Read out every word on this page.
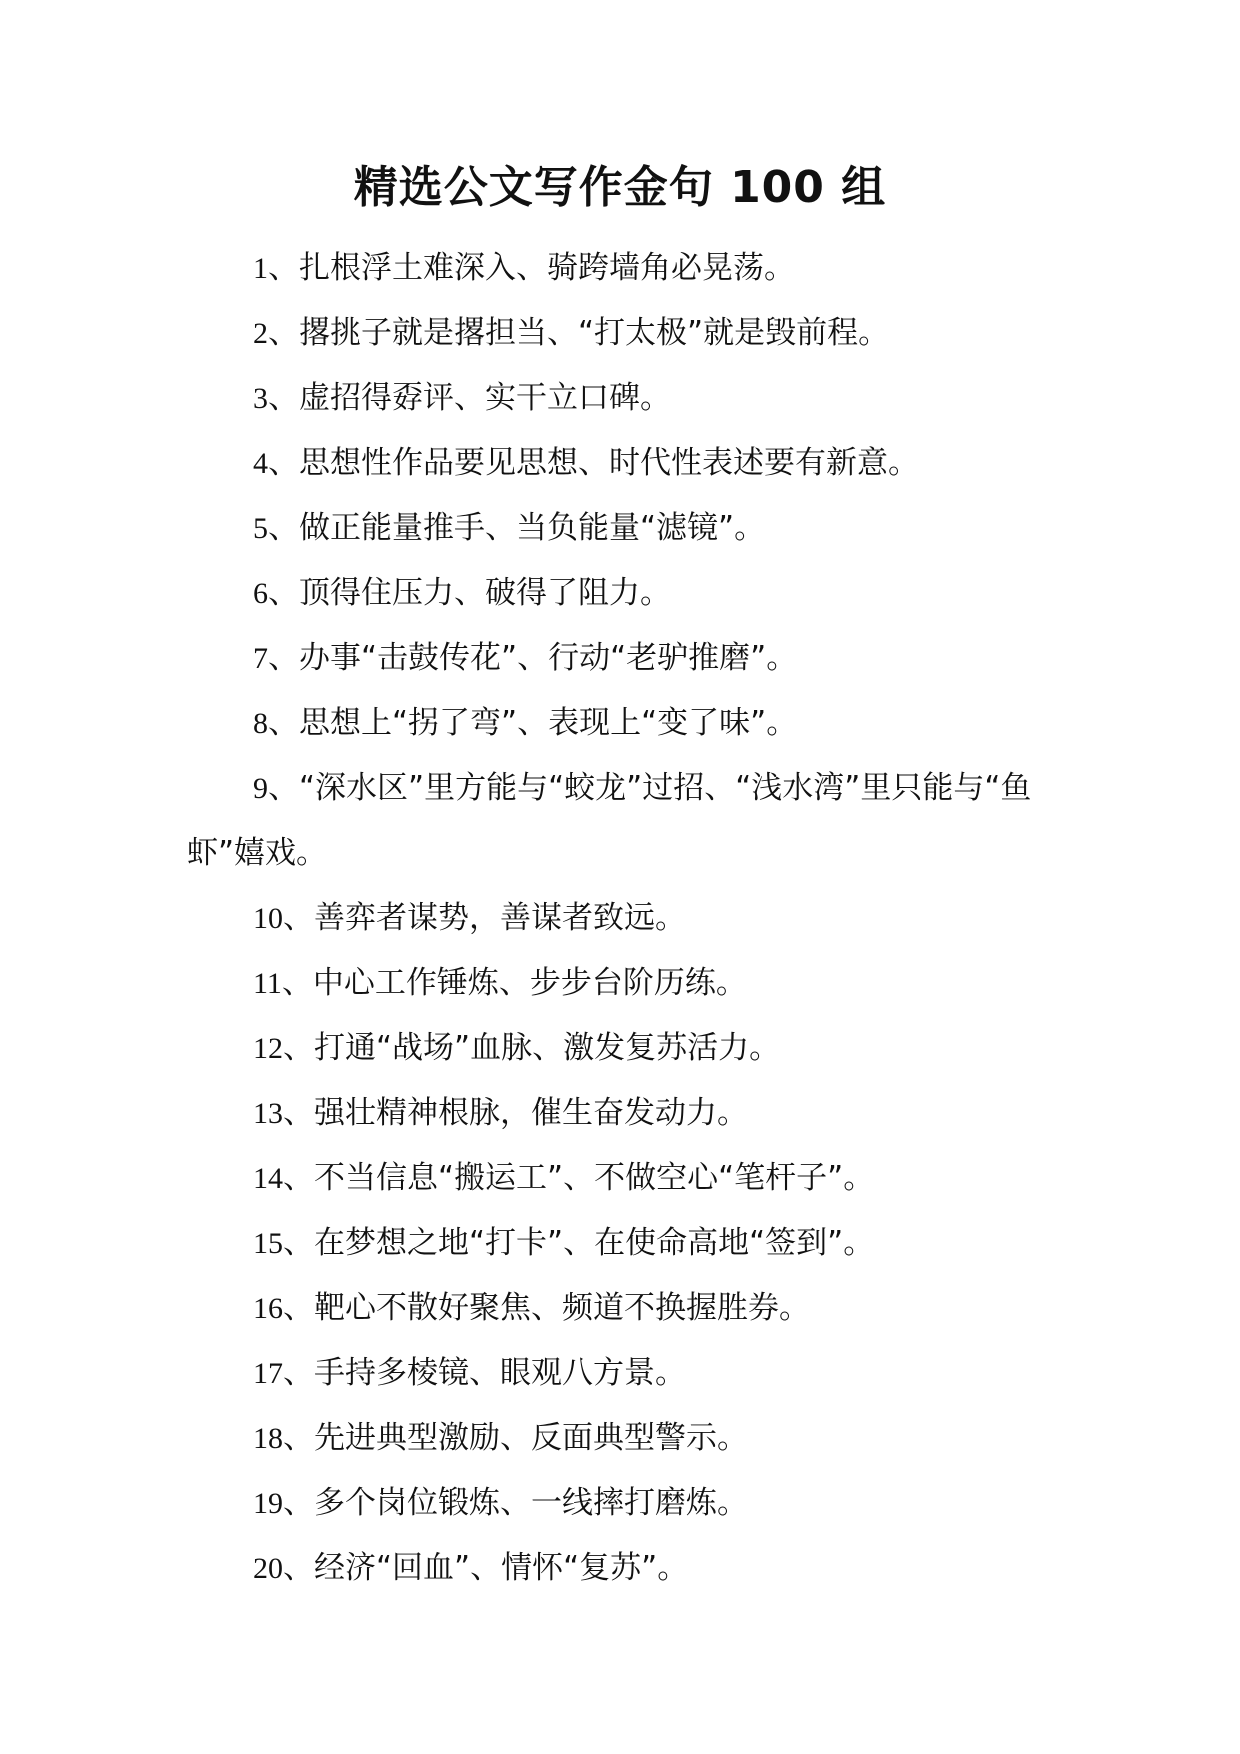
精选公文写作金句 100 组
1、扎根浮土难深入、骑跨墙角必晃荡。
2、撂挑子就是撂担当、“打太极”就是毁前程。
3、虚招得孬评、实干立口碑。
4、思想性作品要见思想、时代性表述要有新意。
5、做正能量推手、当负能量“滤镜”。
6、顶得住压力、破得了阻力。
7、办事“击鼓传花”、行动“老驴推磨”。
8、思想上“拐了弯”、表现上“变了味”。
9、“深水区”里方能与“蛟龙”过招、“浅水湾”里只能与“鱼虾”嬉戏。
10、善弈者谋势，善谋者致远。
11、中心工作锤炼、步步台阶历练。
12、打通“战场”血脉、激发复苏活力。
13、强壮精神根脉，催生奋发动力。
14、不当信息“搬运工”、不做空心“笔杆子”。
15、在梦想之地“打卡”、在使命高地“签到”。
16、靶心不散好聚焦、频道不换握胜券。
17、手持多棱镜、眼观八方景。
18、先进典型激励、反面典型警示。
19、多个岗位锻炼、一线摔打磨炼。
20、经济“回血”、情怀“复苏”。
